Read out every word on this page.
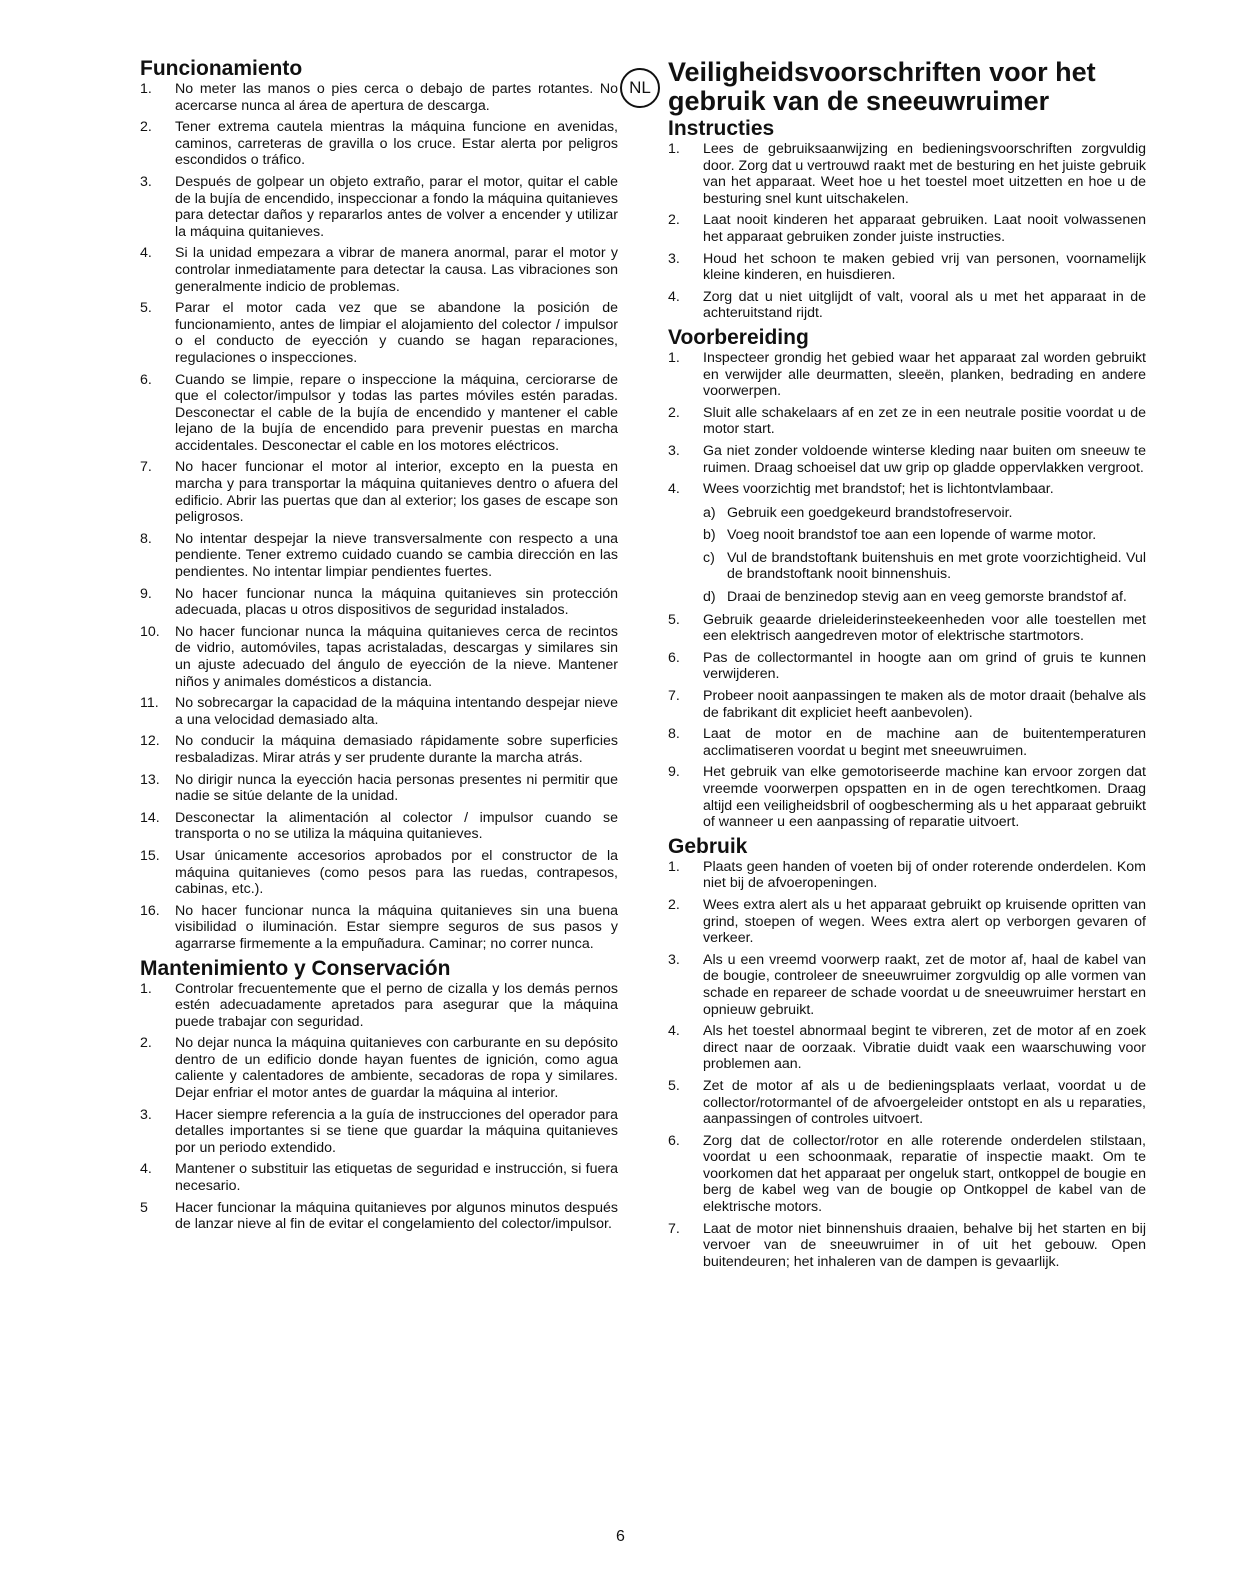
Funcionamiento
1.	No meter las manos o pies cerca o debajo de partes rotantes. No acercarse nunca al área de apertura de descarga.
2.	Tener extrema cautela mientras la máquina funcione en avenidas, caminos, carreteras de gravilla o los cruce. Estar alerta por peligros escondidos o tráfico.
3.	Después de golpear un objeto extraño, parar el motor, quitar el cable de la bujía de encendido, inspeccionar a fondo la máquina quitanieves para detectar daños y repararlos antes de volver a encender y utilizar la máquina quitanieves.
4.	Si la unidad empezara a vibrar de manera anormal, parar el motor y controlar inmediatamente para detectar la causa. Las vibraciones son generalmente indicio de problemas.
5.	Parar el motor cada vez que se abandone la posición de funcionamiento, antes de limpiar el alojamiento del colector / impulsor o el conducto de eyección y cuando se hagan reparaciones, regulaciones o inspecciones.
6.	Cuando se limpie, repare o inspeccione la máquina, cerciorarse de que el colector/impulsor y todas las partes móviles estén paradas. Desconectar el cable de la bujía de encendido y mantener el cable lejano de la bujía de encendido para prevenir puestas en marcha accidentales. Desconectar el cable en los motores eléctricos.
7.	No hacer funcionar el motor al interior, excepto en la puesta en marcha y para transportar la máquina quitanieves dentro o afuera del edificio. Abrir las puertas que dan al exterior; los gases de escape son peligrosos.
8.	No intentar despejar la nieve transversalmente con respecto a una pendiente. Tener extremo cuidado cuando se cambia dirección en las pendientes. No intentar limpiar pendientes fuertes.
9.	No hacer funcionar nunca la máquina quitanieves sin protección adecuada, placas u otros dispositivos de seguridad instalados.
10.	No hacer funcionar nunca la máquina quitanieves cerca de recintos de vidrio, automóviles, tapas acristaladas, descargas y similares sin un ajuste adecuado del ángulo de eyección de la nieve. Mantener niños y animales domésticos a distancia.
11.	No sobrecargar la capacidad de la máquina intentando despejar nieve a una velocidad demasiado alta.
12.	No conducir la máquina demasiado rápidamente sobre superficies resbaladizas. Mirar atrás y ser prudente durante la marcha atrás.
13.	No dirigir nunca la eyección hacia personas presentes ni permitir que nadie se sitúe delante de la unidad.
14.	Desconectar la alimentación al colector / impulsor cuando se transporta o no se utiliza la máquina quitanieves.
15.	Usar únicamente accesorios aprobados por el constructor de la máquina quitanieves (como pesos para las ruedas, contrapesos, cabinas, etc.).
16.	No hacer funcionar nunca la máquina quitanieves sin una buena visibilidad o iluminación. Estar siempre seguros de sus pasos y agarrarse firmemente a la empuñadura. Caminar; no correr nunca.
Mantenimiento y Conservación
1.	Controlar frecuentemente que el perno de cizalla y los demás pernos estén adecuadamente apretados para asegurar que la máquina puede trabajar con seguridad.
2.	No dejar nunca la máquina quitanieves con carburante en su depósito dentro de un edificio donde hayan fuentes de ignición, como agua caliente y calentadores de ambiente, secadoras de ropa y similares. Dejar enfriar el motor antes de guardar la máquina al interior.
3.	Hacer siempre referencia a la guía de instrucciones del operador para detalles importantes si se tiene que guardar la máquina quitanieves por un periodo extendido.
4.	Mantener o substituir las etiquetas de seguridad e instrucción, si fuera necesario.
5	Hacer funcionar la máquina quitanieves por algunos minutos después de lanzar nieve al fin de evitar el congelamiento del colector/impulsor.
NL
Veiligheidsvoorschriften voor het gebruik van de sneeuwruimer
Instructies
1.	Lees de gebruiksaanwijzing en bedieningsvoorschriften zorgvuldig door. Zorg dat u vertrouwd raakt met de besturing en het juiste gebruik van het apparaat. Weet hoe u het toestel moet uitzetten en hoe u de besturing snel kunt uitschakelen.
2.	Laat nooit kinderen het apparaat gebruiken. Laat nooit volwassenen het apparaat gebruiken zonder juiste instructies.
3.	Houd het schoon te maken gebied vrij van personen, voornamelijk kleine kinderen, en huisdieren.
4.	Zorg dat u niet uitglijdt of valt, vooral als u met het apparaat in de achteruitstand rijdt.
Voorbereiding
1.	Inspecteer grondig het gebied waar het apparaat zal worden gebruikt en verwijder alle deurmatten, sleeën, planken, bedrading en andere voorwerpen.
2.	Sluit alle schakelaars af en zet ze in een neutrale positie voordat u de motor start.
3.	Ga niet zonder voldoende winterse kleding naar buiten om sneeuw te ruimen. Draag schoeisel dat uw grip op gladde oppervlakken vergroot.
4.	Wees voorzichtig met brandstof; het is lichtontvlambaar.
a) Gebruik een goedgekeurd brandstofreservoir.
b) Voeg nooit brandstof toe aan een lopende of warme motor.
c) Vul de brandstoftank buitenshuis en met grote voorzichtigheid. Vul de brandstoftank nooit binnenshuis.
d) Draai de benzinedop stevig aan en veeg gemorste brandstof af.
5.	Gebruik geaarde drieleiderinsteekeenheden voor alle toestellen met een elektrisch aangedreven motor of elektrische startmotors.
6.	Pas de collectormantel in hoogte aan om grind of gruis te kunnen verwijderen.
7.	Probeer nooit aanpassingen te maken als de motor draait (behalve als de fabrikant dit expliciet heeft aanbevolen).
8.	Laat de motor en de machine aan de buitentemperaturen acclimatiseren voordat u begint met sneeuwruimen.
9.	Het gebruik van elke gemotoriseerde machine kan ervoor zorgen dat vreemde voorwerpen opspatten en in de ogen terechtkomen. Draag altijd een veiligheidsbril of oogbescherming als u het apparaat gebruikt of wanneer u een aanpassing of reparatie uitvoert.
Gebruik
1.	Plaats geen handen of voeten bij of onder roterende onderdelen. Kom niet bij de afvoeropeningen.
2.	Wees extra alert als u het apparaat gebruikt op kruisende opritten van grind, stoepen of wegen. Wees extra alert op verborgen gevaren of verkeer.
3.	Als u een vreemd voorwerp raakt, zet de motor af, haal de kabel van de bougie, controleer de sneeuwruimer zorgvuldig op alle vormen van schade en repareer de schade voordat u de sneeuwruimer herstart en opnieuw gebruikt.
4.	Als het toestel abnormaal begint te vibreren, zet de motor af en zoek direct naar de oorzaak. Vibratie duidt vaak een waarschuwing voor problemen aan.
5.	Zet de motor af als u de bedieningsplaats verlaat, voordat u de collector/rotormantel of de afvoergeleider ontstopt en als u reparaties, aanpassingen of controles uitvoert.
6.	Zorg dat de collector/rotor en alle roterende onderdelen stilstaan, voordat u een schoonmaak, reparatie of inspectie maakt. Om te voorkomen dat het apparaat per ongeluk start, ontkoppel de bougie en berg de kabel weg van de bougie op Ontkoppel de kabel van de elektrische motors.
7.	Laat de motor niet binnenshuis draaien, behalve bij het starten en bij vervoer van de sneeuwruimer in of uit het gebouw. Open buitendeuren; het inhaleren van de dampen is gevaarlijk.
6
